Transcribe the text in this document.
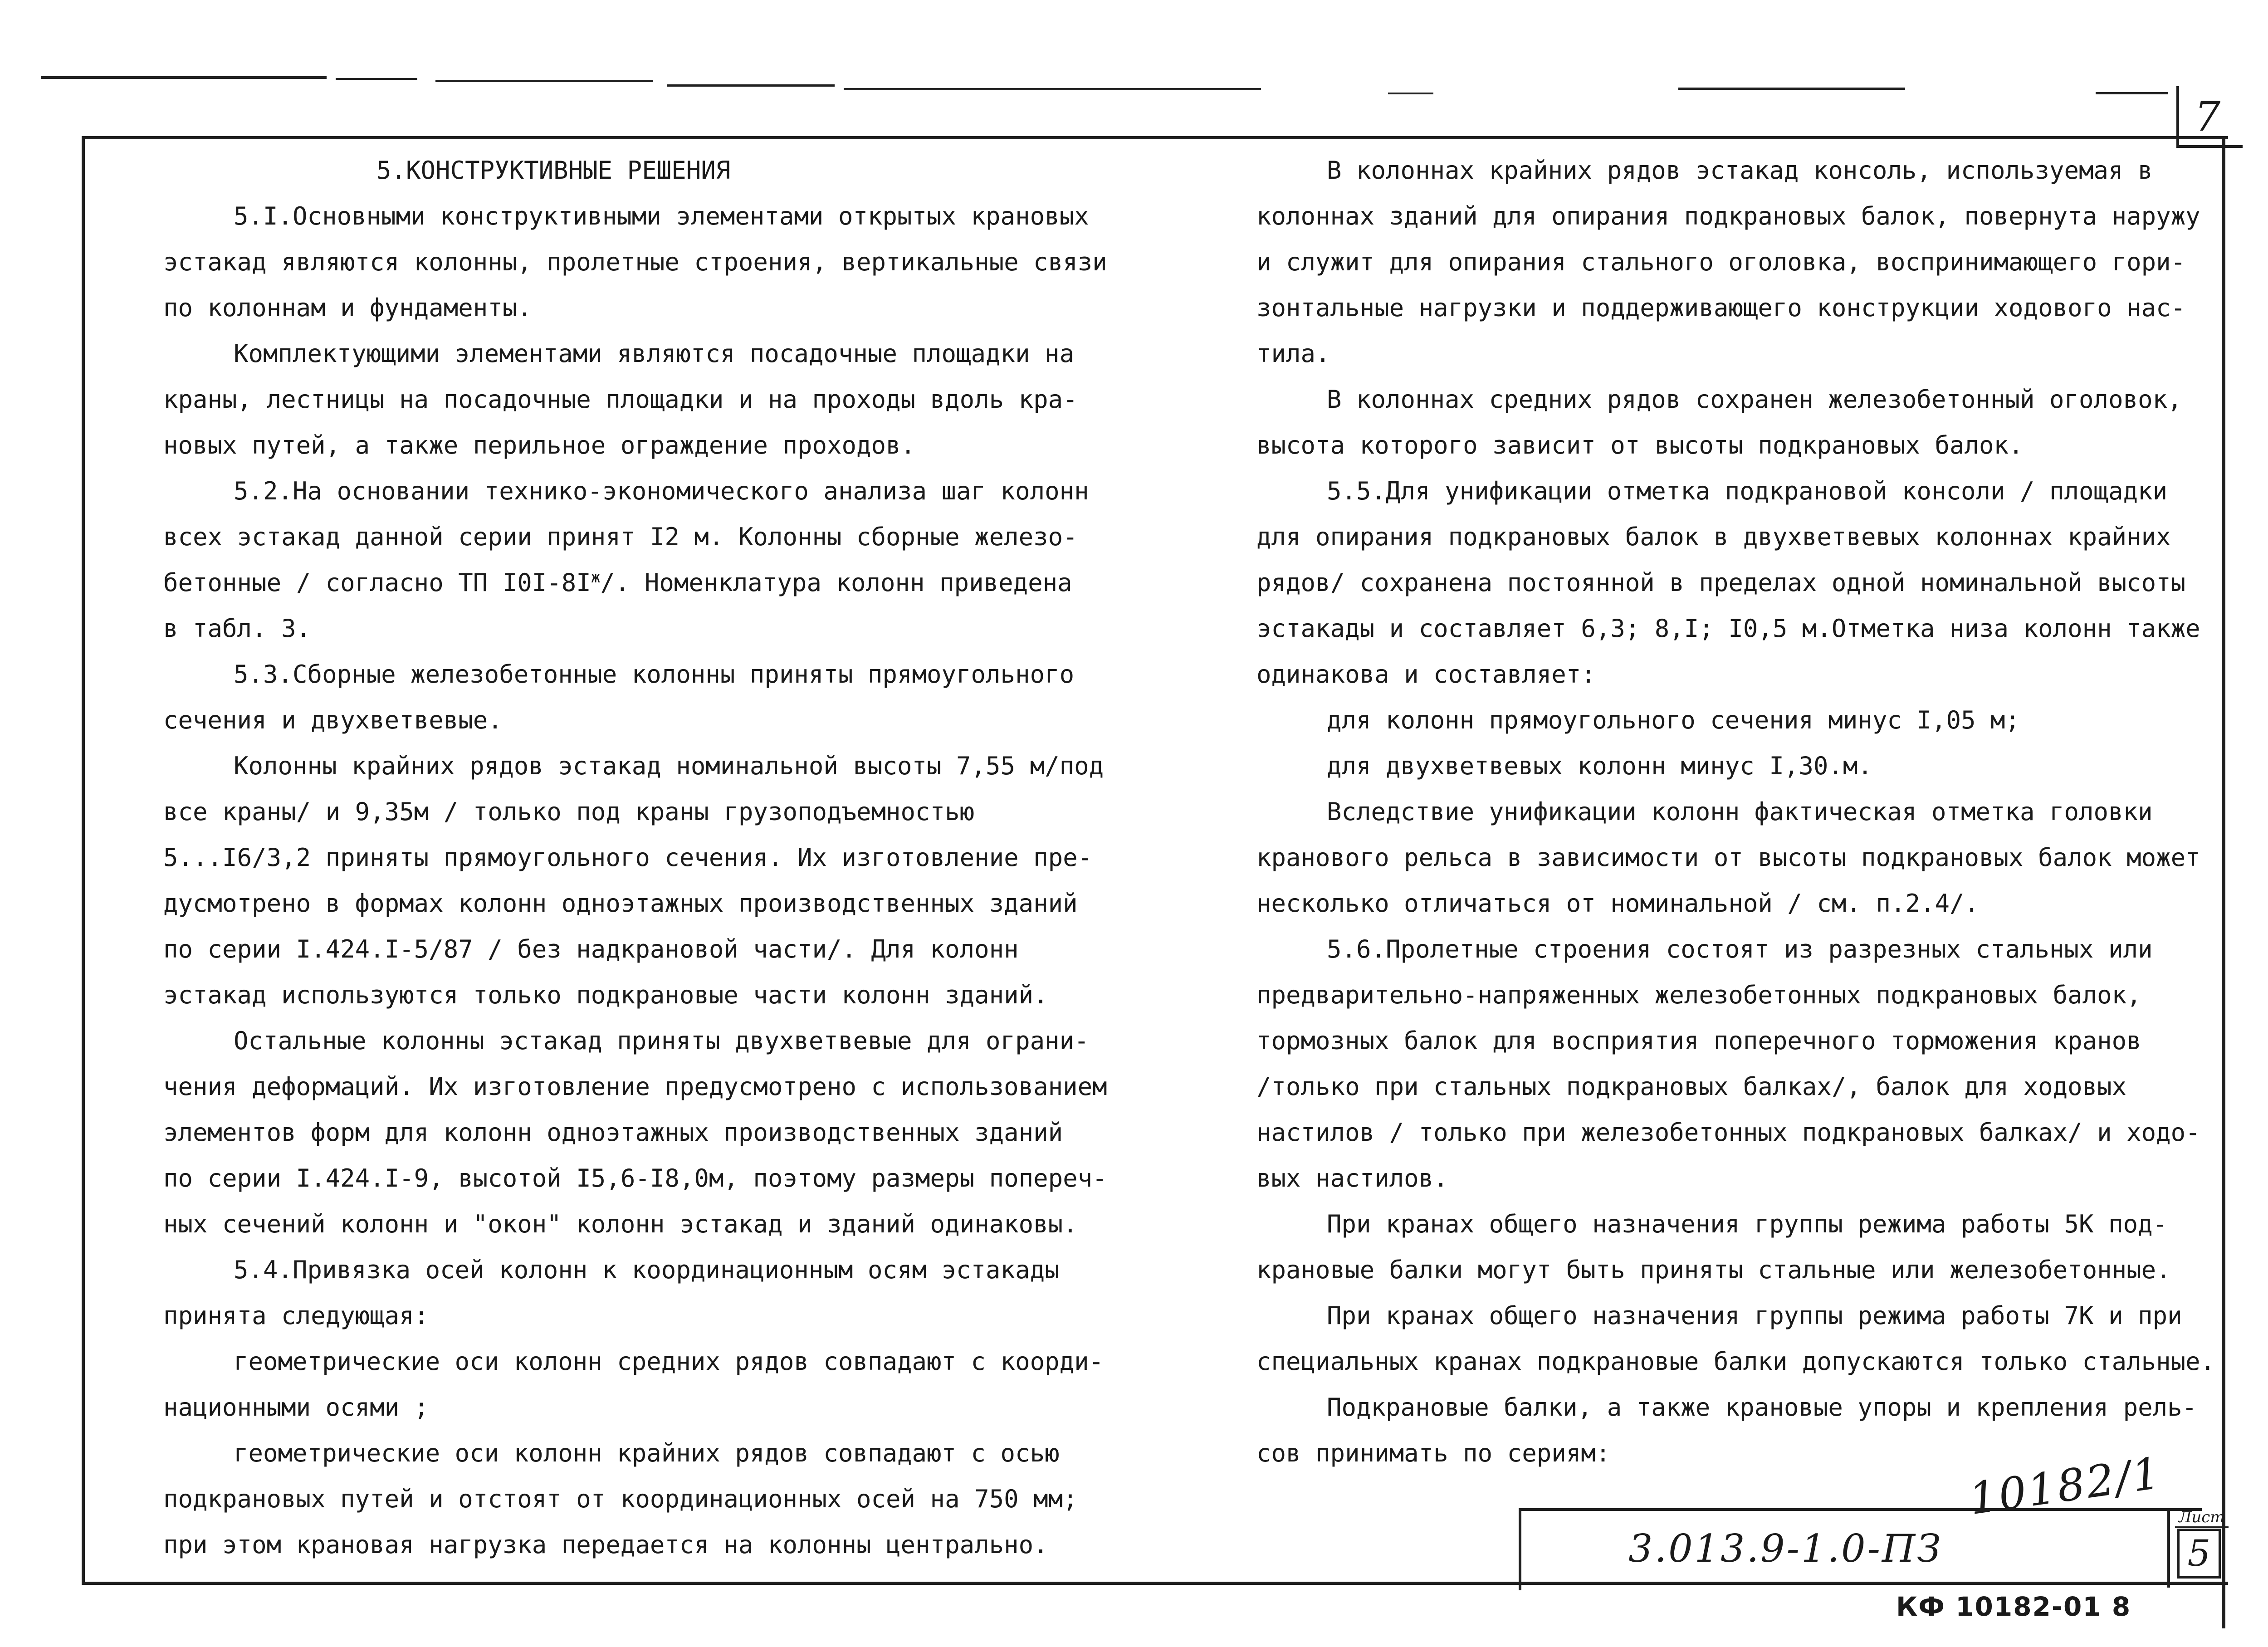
7

5.КОНСТРУКТИВНЫЕ РЕШЕНИЯ

5.I.Основными конструктивными элементами открытых крановых

эстакад являются колонны, пролетные строения, вертикальные связи

по колоннам и фундаменты.

Комплектующими элементами являются посадочные площадки на

краны, лестницы на посадочные площадки и на проходы вдоль кра-

новых путей, а также перильное ограждение проходов.

5.2.На основании технико-экономического анализа шаг колонн

всех эстакад данной серии принят I2 м. Колонны сборные железо-

бетонные / согласно ТП $I0I-8I^ж/$. Номенклатура колонн приведена

в табл. 3.

5.3.Сборные железобетонные колонны приняты прямоугольного

сечения и двухветвевые.

Колонны крайних рядов эстакад номинальной высоты 7,55 м/под

все краны/ и 9,35м / только под краны грузоподъемностью

5...I6/3,2 приняты прямоугольного сечения. Их изготовление пре-

дусмотрено в формах колонн одноэтажных производственных зданий

по серии I.424.I-5/87 / без надкрановой части/. Для колонн

эстакад используются только подкрановые части колонн зданий.

Остальные колонны эстакад приняты двухветвевые для ограни-

чения деформаций. Их изготовление предусмотрено с использованием

элементов форм для колонн одноэтажных производственных зданий

по серии I.424.I-9, высотой I5,6-I8,0м, поэтому размеры попереч-

ных сечений колонн и "окон" колонн эстакад и зданий одинаковы.

5.4.Привязка осей колонн к координационным осям эстакады

принята следующая:

геометрические оси колонн средних рядов совпадают с коорди-

национными осями ;

геометрические оси колонн крайних рядов совпадают с осью

подкрановых путей и отстоят от координационных осей на 750 мм;

при этом крановая нагрузка передается на колонны центрально.

В колоннах крайних рядов эстакад консоль, используемая в

колоннах зданий для опирания подкрановых балок, повернута наружу

и служит для опирания стального оголовка, воспринимающего гори-

зонтальные нагрузки и поддерживающего конструкции ходового нас-

тила.

В колоннах средних рядов сохранен железобетонный оголовок,

высота которого зависит от высоты подкрановых балок.

5.5.Для унификации отметка подкрановой консоли / площадки

для опирания подкрановых балок в двухветвевых колоннах крайних

рядов/ сохранена постоянной в пределах одной номинальной высоты

эстакады и составляет 6,3; 8,I; I0,5 м.Отметка низа колонн также

одинакова и составляет:

для колонн прямоугольного сечения минус I,05 м;

для двухветвевых колонн минус I,30.м.

Вследствие унификации колонн фактическая отметка головки

кранового рельса в зависимости от высоты подкрановых балок может

несколько отличаться от номинальной / см. п.2.4/.

5.6.Пролетные строения состоят из разрезных стальных или

предварительно-напряженных железобетонных подкрановых балок,

тормозных балок для восприятия поперечного торможения кранов

/только при стальных подкрановых балках/, балок для ходовых

настилов / только при железобетонных подкрановых балках/ и ходо-

вых настилов.

При кранах общего назначения группы режима работы 5К под-

крановые балки могут быть приняты стальные или железобетонные.

При кранах общего назначения группы режима работы 7К и при

специальных кранах подкрановые балки допускаются только стальные.

Подкрановые балки, а также крановые упоры и крепления рель-

сов принимать по сериям:	10182/1
3.013.9-1.0-ПЗ
Лист
5
КФ 10182-01 8
